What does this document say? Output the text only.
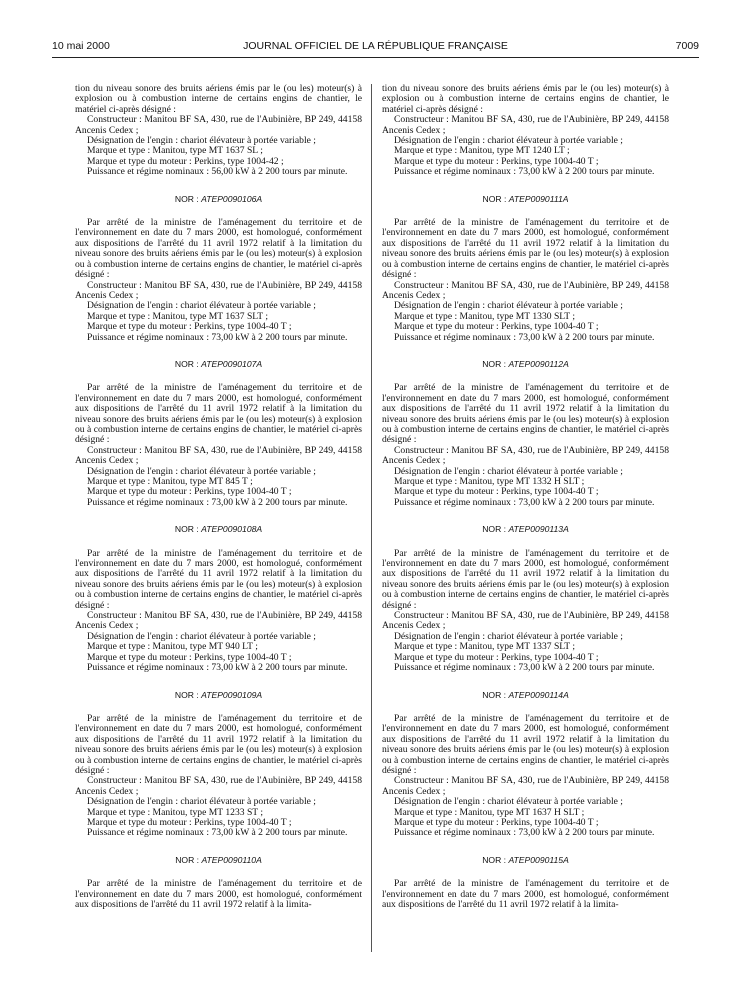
10 mai 2000	JOURNAL OFFICIEL DE LA RÉPUBLIQUE FRANÇAISE	7009

tion du niveau sonore des bruits aériens émis par le (ou les) moteur(s) à explosion ou à combustion interne de certains engins de chantier, le matériel ci-après désigné :

Constructeur : Manitou BF SA, 430, rue de l'Aubinière, BP 249, 44158 Ancenis Cedex ;

Désignation de l'engin : chariot élévateur à portée variable ;

Marque et type : Manitou, type MT 1637 SL ;

Marque et type du moteur : Perkins, type 1004-42 ;

Puissance et régime nominaux : 56,00 kW à 2 200 tours par minute.

NOR : ATEP0090106A

Par arrêté de la ministre de l'aménagement du territoire et de l'environnement en date du 7 mars 2000, est homologué, conformément aux dispositions de l'arrêté du 11 avril 1972 relatif à la limitation du niveau sonore des bruits aériens émis par le (ou les) moteur(s) à explosion ou à combustion interne de certains engins de chantier, le matériel ci-après désigné :

Constructeur : Manitou BF SA, 430, rue de l'Aubinière, BP 249, 44158 Ancenis Cedex ;

Désignation de l'engin : chariot élévateur à portée variable ;

Marque et type : Manitou, type MT 1637 SLT ;

Marque et type du moteur : Perkins, type 1004-40 T ;

Puissance et régime nominaux : 73,00 kW à 2 200 tours par minute.

NOR : ATEP0090107A

Par arrêté de la ministre de l'aménagement du territoire et de l'environnement en date du 7 mars 2000, est homologué, conformément aux dispositions de l'arrêté du 11 avril 1972 relatif à la limitation du niveau sonore des bruits aériens émis par le (ou les) moteur(s) à explosion ou à combustion interne de certains engins de chantier, le matériel ci-après désigné :

Constructeur : Manitou BF SA, 430, rue de l'Aubinière, BP 249, 44158 Ancenis Cedex ;

Désignation de l'engin : chariot élévateur à portée variable ;

Marque et type : Manitou, type MT 845 T ;

Marque et type du moteur : Perkins, type 1004-40 T ;

Puissance et régime nominaux : 73,00 kW à 2 200 tours par minute.

NOR : ATEP0090108A

Par arrêté de la ministre de l'aménagement du territoire et de l'environnement en date du 7 mars 2000, est homologué, conformément aux dispositions de l'arrêté du 11 avril 1972 relatif à la limitation du niveau sonore des bruits aériens émis par le (ou les) moteur(s) à explosion ou à combustion interne de certains engins de chantier, le matériel ci-après désigné :

Constructeur : Manitou BF SA, 430, rue de l'Aubinière, BP 249, 44158 Ancenis Cedex ;

Désignation de l'engin : chariot élévateur à portée variable ;

Marque et type : Manitou, type MT 940 LT ;

Marque et type du moteur : Perkins, type 1004-40 T ;

Puissance et régime nominaux : 73,00 kW à 2 200 tours par minute.

NOR : ATEP0090109A

Par arrêté de la ministre de l'aménagement du territoire et de l'environnement en date du 7 mars 2000, est homologué, conformément aux dispositions de l'arrêté du 11 avril 1972 relatif à la limitation du niveau sonore des bruits aériens émis par le (ou les) moteur(s) à explosion ou à combustion interne de certains engins de chantier, le matériel ci-après désigné :

Constructeur : Manitou BF SA, 430, rue de l'Aubinière, BP 249, 44158 Ancenis Cedex ;

Désignation de l'engin : chariot élévateur à portée variable ;

Marque et type : Manitou, type MT 1233 ST ;

Marque et type du moteur : Perkins, type 1004-40 T ;

Puissance et régime nominaux : 73,00 kW à 2 200 tours par minute.

NOR : ATEP0090110A

Par arrêté de la ministre de l'aménagement du territoire et de l'environnement en date du 7 mars 2000, est homologué, conformément aux dispositions de l'arrêté du 11 avril 1972 relatif à la limita-

tion du niveau sonore des bruits aériens émis par le (ou les) moteur(s) à explosion ou à combustion interne de certains engins de chantier, le matériel ci-après désigné :

Constructeur : Manitou BF SA, 430, rue de l'Aubinière, BP 249, 44158 Ancenis Cedex ;

Désignation de l'engin : chariot élévateur à portée variable ;

Marque et type : Manitou, type MT 1240 LT ;

Marque et type du moteur : Perkins, type 1004-40 T ;

Puissance et régime nominaux : 73,00 kW à 2 200 tours par minute.

NOR : ATEP0090111A

Par arrêté de la ministre de l'aménagement du territoire et de l'environnement en date du 7 mars 2000, est homologué, conformément aux dispositions de l'arrêté du 11 avril 1972 relatif à la limitation du niveau sonore des bruits aériens émis par le (ou les) moteur(s) à explosion ou à combustion interne de certains engins de chantier, le matériel ci-après désigné :

Constructeur : Manitou BF SA, 430, rue de l'Aubinière, BP 249, 44158 Ancenis Cedex ;

Désignation de l'engin : chariot élévateur à portée variable ;

Marque et type : Manitou, type MT 1330 SLT ;

Marque et type du moteur : Perkins, type 1004-40 T ;

Puissance et régime nominaux : 73,00 kW à 2 200 tours par minute.

NOR : ATEP0090112A

Par arrêté de la ministre de l'aménagement du territoire et de l'environnement en date du 7 mars 2000, est homologué, conformément aux dispositions de l'arrêté du 11 avril 1972 relatif à la limitation du niveau sonore des bruits aériens émis par le (ou les) moteur(s) à explosion ou à combustion interne de certains engins de chantier, le matériel ci-après désigné :

Constructeur : Manitou BF SA, 430, rue de l'Aubinière, BP 249, 44158 Ancenis Cedex ;

Désignation de l'engin : chariot élévateur à portée variable ;

Marque et type : Manitou, type MT 1332 H SLT ;

Marque et type du moteur : Perkins, type 1004-40 T ;

Puissance et régime nominaux : 73,00 kW à 2 200 tours par minute.

NOR : ATEP0090113A

Par arrêté de la ministre de l'aménagement du territoire et de l'environnement en date du 7 mars 2000, est homologué, conformément aux dispositions de l'arrêté du 11 avril 1972 relatif à la limitation du niveau sonore des bruits aériens émis par le (ou les) moteur(s) à explosion ou à combustion interne de certains engins de chantier, le matériel ci-après désigné :

Constructeur : Manitou BF SA, 430, rue de l'Aubinière, BP 249, 44158 Ancenis Cedex ;

Désignation de l'engin : chariot élévateur à portée variable ;

Marque et type : Manitou, type MT 1337 SLT ;

Marque et type du moteur : Perkins, type 1004-40 T ;

Puissance et régime nominaux : 73,00 kW à 2 200 tours par minute.

NOR : ATEP0090114A

Par arrêté de la ministre de l'aménagement du territoire et de l'environnement en date du 7 mars 2000, est homologué, conformément aux dispositions de l'arrêté du 11 avril 1972 relatif à la limitation du niveau sonore des bruits aériens émis par le (ou les) moteur(s) à explosion ou à combustion interne de certains engins de chantier, le matériel ci-après désigné :

Constructeur : Manitou BF SA, 430, rue de l'Aubinière, BP 249, 44158 Ancenis Cedex ;

Désignation de l'engin : chariot élévateur à portée variable ;

Marque et type : Manitou, type MT 1637 H SLT ;

Marque et type du moteur : Perkins, type 1004-40 T ;

Puissance et régime nominaux : 73,00 kW à 2 200 tours par minute.

NOR : ATEP0090115A

Par arrêté de la ministre de l'aménagement du territoire et de l'environnement en date du 7 mars 2000, est homologué, conformément aux dispositions de l'arrêté du 11 avril 1972 relatif à la limita-
